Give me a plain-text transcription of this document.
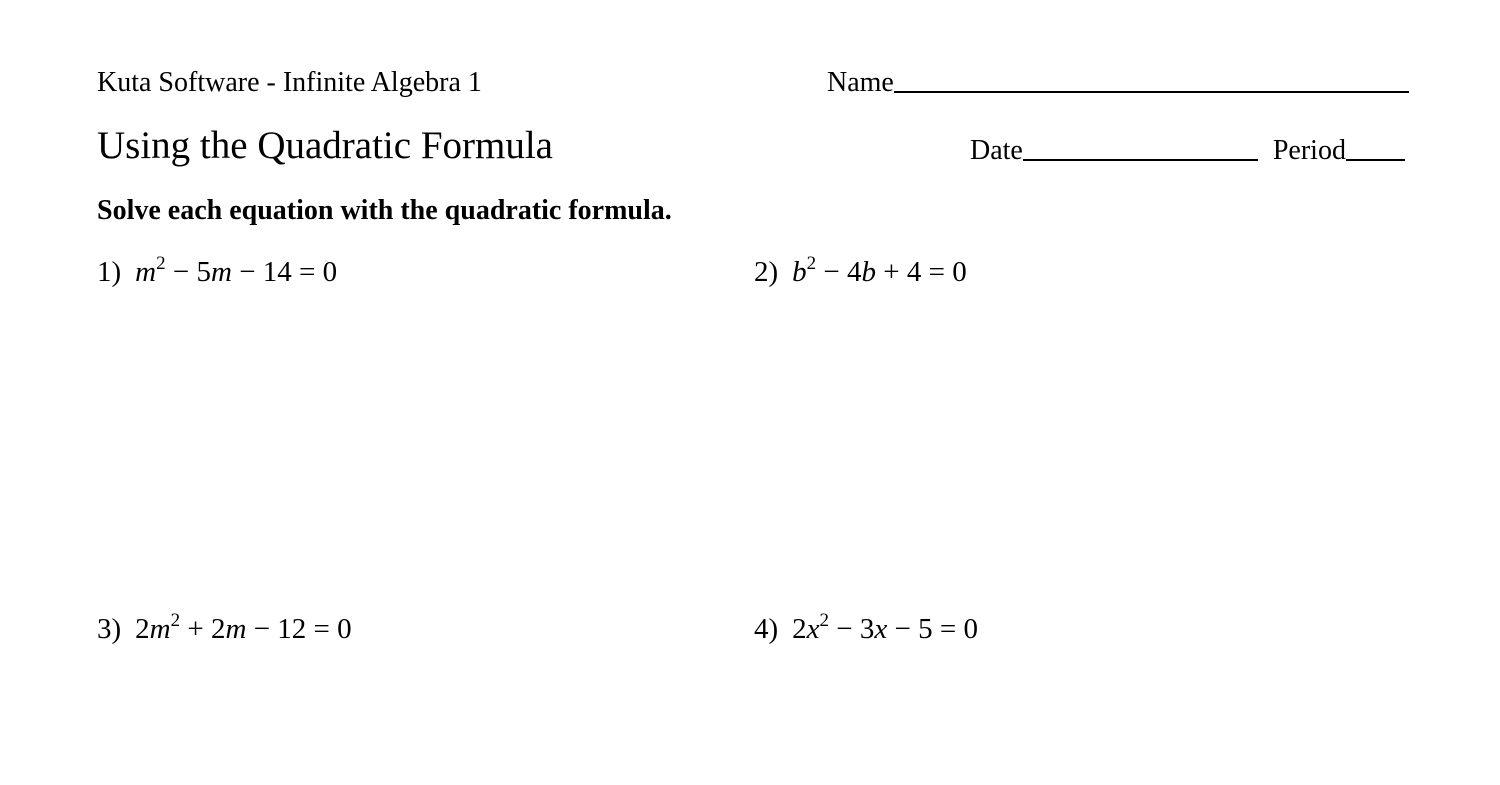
Kuta Software - Infinite Algebra 1	Name
Using the Quadratic Formula	Date	Period
Solve each equation with the quadratic formula.
1) $m^2 - 5m - 14 = 0$	2) $b^2 - 4b + 4 = 0$
3) $2m^2 + 2m - 12 = 0$	4) $2x^2 - 3x - 5 = 0$
